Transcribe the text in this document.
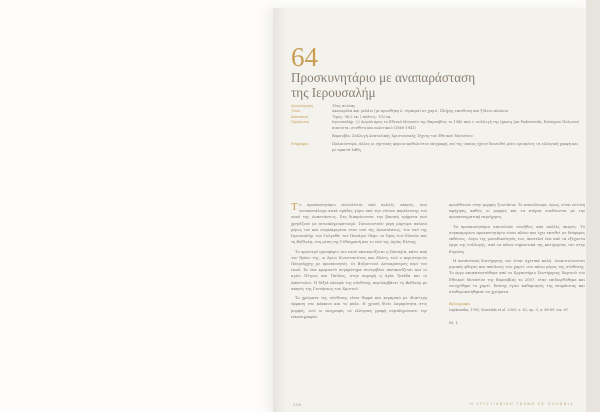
64
Προσκυνητάριο με αναπαράσταση της Ιερουσαλήμ
Χρονολόγηση	19ος αιώνας
Υλικό	Ακουαρέλα και μελάνι (με προσθήκη λ. τέμπερα) σε χαρτί. Πλήρης επενδυση και ξύλινο πλαίσιο
Διαστάσεις	Ύψος: 96,5 εκ. | πλάτος: 193 εκ.
Προέλευση	Ιερουσαλήμ. (;) Δωρεά προς το Εθνικό Μουσείο της Βαρσοβίας το 1940 από τ. συλλογή της Ignacy Jan Paderewski, διάσημου Πολωνού πιανίστα, συνθέτη και πολιτικού (1860-1941)
Βαρσοβία, Συλλογή Ανατολικής Χριστιανικής Τέχνης του Εθνικού Μουσείου
Επιγραφές	Παλαιόστερα, άλλες οι σχετικές φέρουν καθολούτου επιγραφή, επί της οποίας έχουν διασωθεί μόνο ορισμένες σε ελληνική γραφή και με αρκετά λάθη

Το προσκυνητάριο επιτελείται από πολλές σκηνές, που αυτοκατάλογα κατά ομάδες γύρω από την νότιαν παρέλευσης του ναού της Αναστάσεως. Στη διακρίνονται την βασική τμήματα που χρησίζουν με αυτοπληρωματισμό. Τονωνοντούν μέρη μάρτυρε παλαιό μέρος του και συγκεκριμένα στον ναό της Αναστάσεως, τον ναό της Ιερουσαλήμ, τον Γολγοθά, τον Πανάγιο Τάφο, το Όρος των Ελαιών και τη Βηθλεέμ, στη μέση της Γεθσημανή και το ναό της Αγίας Ελένης.

Το αριστερό ημισφάριο του ναού απεικονίζεται η Παναγία, κάτω από τον θρόνο της, οι Άγιοι Κωνσταντίνος και Ελένη, ενώ ο περιστεριών Πατριάρχης με προσκυνητές. Οι Βυζαντινοί Αυτοκράτορες περί του ναού. Σε ένα κρεμαστό συγκρότημα συντριβάνι απεικονίζεται και οι αγίοι Πέτρος και Παύλος, στην κορυφή η Αγία Τριάδα και οι Απόστολοι. Η δεξιά πλευρά της σύνθεσης περιλαμβάνει τη Βηθλεέμ με σκηνές της Γεννήσεως του Χριστού.

Το χρώματα της σύνθεσης είναι θερμά και κεραμικό με ιδιαίτερη έμφαση στο κόκκινο και το μπλε. Η χρυσή δίνει λαμπρότητα στις μορφές, ενώ οι επιγραφές σε ελληνική γραφή συμπληρώνουν την εικονογραφία.

προσθέτουν στην μορφές ζωντάνια. Το αποτέλεσμα, όμως, είναι έντονη αφήγηση, καθώς οι μορφές και τα κτήρια συνδέονται με την προσκυνηματική περιήγηση.

Τα προσκυνητάρια αποτελούν συνήθως από πολλές σκηνές. Το συγκεκριμένο προσκυνητάριο είναι πλέον και έχει εκτεθεί σε διάφορες εκθέσεις. Λόγω της μοναδικότητάς του, αποτελεί ένα από τα εξέχοντα έργα της συλλογής, από τα πλέον σημαντικά της κατηγορίας του στην Ευρώπη.

Η κατάσταση διατήρησης του είναι σχετικά καλή. Διαπιστώνονται μερικές φθορές και απώλειες στο χαρτί, στο πάνω μέρος της σύνθεσης. Το έργο αποκαταστάθηκε από το Εργαστήριο Συντήρησης Χαρτιού του Εθνικού Μουσείου της Βαρσοβίας το 2007, όταν επιδιορθώθηκε και ενισχύθηκε το χαρτί. Επίσης έγινε καθαρισμός της επιφάνειας και σταθεροποιήθηκαν τα χρώματα.

Βιβλιογραφία
Lapkowska, 1991; Kowalski et al. 2003, σ. 42, αρ. 3, σ. 88-89, εικ. 61
Μ. Ι.
306	Η ΧΡΙΣΤΙΑΝΙΚΗ ΤΕΧΝΗ ΣΕ ΠΟΛΩΝΙΑ
